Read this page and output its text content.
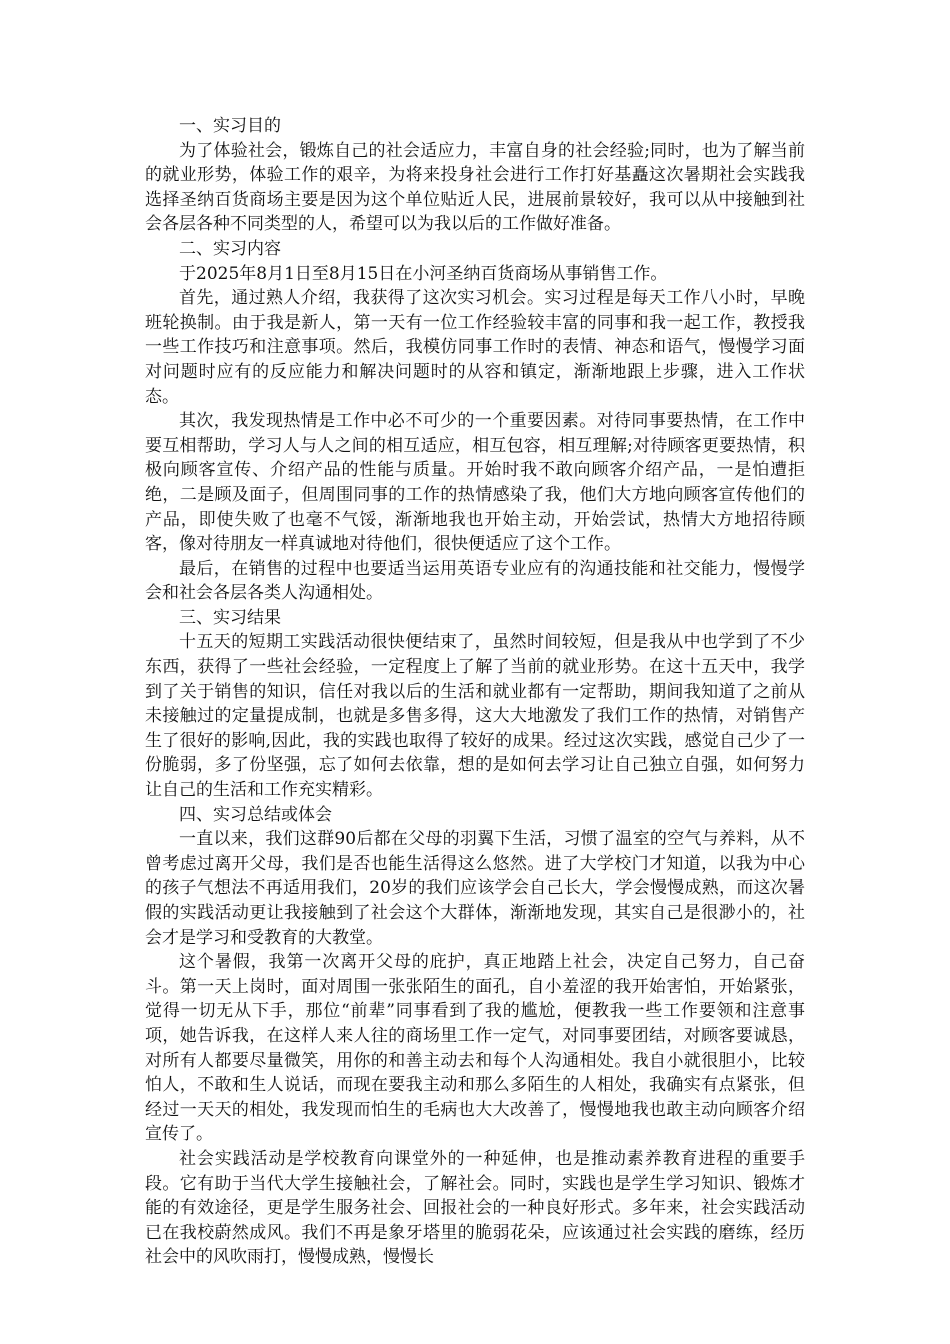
一、实习目的

为了体验社会，锻炼自己的社会适应力，丰富自身的社会经验;同时，也为了解当前的就业形势，体验工作的艰辛，为将来投身社会进行工作打好基矗这次暑期社会实践我选择圣纳百货商场主要是因为这个单位贴近人民，进展前景较好，我可以从中接触到社会各层各种不同类型的人，希望可以为我以后的工作做好准备。

二、实习内容

于2025年8月1日至8月15日在小河圣纳百货商场从事销售工作。

首先，通过熟人介绍，我获得了这次实习机会。实习过程是每天工作八小时，早晚班轮换制。由于我是新人，第一天有一位工作经验较丰富的同事和我一起工作，教授我一些工作技巧和注意事项。然后，我模仿同事工作时的表情、神态和语气，慢慢学习面对问题时应有的反应能力和解决问题时的从容和镇定，渐渐地跟上步骤，进入工作状态。

其次，我发现热情是工作中必不可少的一个重要因素。对待同事要热情，在工作中要互相帮助，学习人与人之间的相互适应，相互包容，相互理解;对待顾客更要热情，积极向顾客宣传、介绍产品的性能与质量。开始时我不敢向顾客介绍产品，一是怕遭拒绝，二是顾及面子，但周围同事的工作的热情感染了我，他们大方地向顾客宣传他们的产品，即使失败了也毫不气馁，渐渐地我也开始主动，开始尝试，热情大方地招待顾客，像对待朋友一样真诚地对待他们，很快便适应了这个工作。

最后，在销售的过程中也要适当运用英语专业应有的沟通技能和社交能力，慢慢学会和社会各层各类人沟通相处。

三、实习结果

十五天的短期工实践活动很快便结束了，虽然时间较短，但是我从中也学到了不少东西，获得了一些社会经验，一定程度上了解了当前的就业形势。在这十五天中，我学到了关于销售的知识，信任对我以后的生活和就业都有一定帮助，期间我知道了之前从未接触过的定量提成制，也就是多售多得，这大大地激发了我们工作的热情，对销售产生了很好的影响,因此，我的实践也取得了较好的成果。经过这次实践，感觉自己少了一份脆弱，多了份坚强，忘了如何去依靠，想的是如何去学习让自己独立自强，如何努力让自己的生活和工作充实精彩。

四、实习总结或体会

一直以来，我们这群90后都在父母的羽翼下生活，习惯了温室的空气与养料，从不曾考虑过离开父母，我们是否也能生活得这么悠然。进了大学校门才知道，以我为中心的孩子气想法不再适用我们，20岁的我们应该学会自己长大，学会慢慢成熟，而这次暑假的实践活动更让我接触到了社会这个大群体，渐渐地发现，其实自己是很渺小的，社会才是学习和受教育的大教堂。

这个暑假，我第一次离开父母的庇护，真正地踏上社会，决定自己努力，自己奋斗。第一天上岗时，面对周围一张张陌生的面孔，自小羞涩的我开始害怕，开始紧张，觉得一切无从下手，那位“前辈”同事看到了我的尴尬，便教我一些工作要领和注意事项，她告诉我，在这样人来人往的商场里工作一定气，对同事要团结，对顾客要诚恳，对所有人都要尽量微笑，用你的和善主动去和每个人沟通相处。我自小就很胆小，比较怕人，不敢和生人说话，而现在要我主动和那么多陌生的人相处，我确实有点紧张，但经过一天天的相处，我发现而怕生的毛病也大大改善了，慢慢地我也敢主动向顾客介绍宣传了。

社会实践活动是学校教育向课堂外的一种延伸，也是推动素养教育进程的重要手段。它有助于当代大学生接触社会，了解社会。同时，实践也是学生学习知识、锻炼才能的有效途径，更是学生服务社会、回报社会的一种良好形式。多年来，社会实践活动已在我校蔚然成风。我们不再是象牙塔里的脆弱花朵，应该通过社会实践的磨练，经历社会中的风吹雨打，慢慢成熟，慢慢长
